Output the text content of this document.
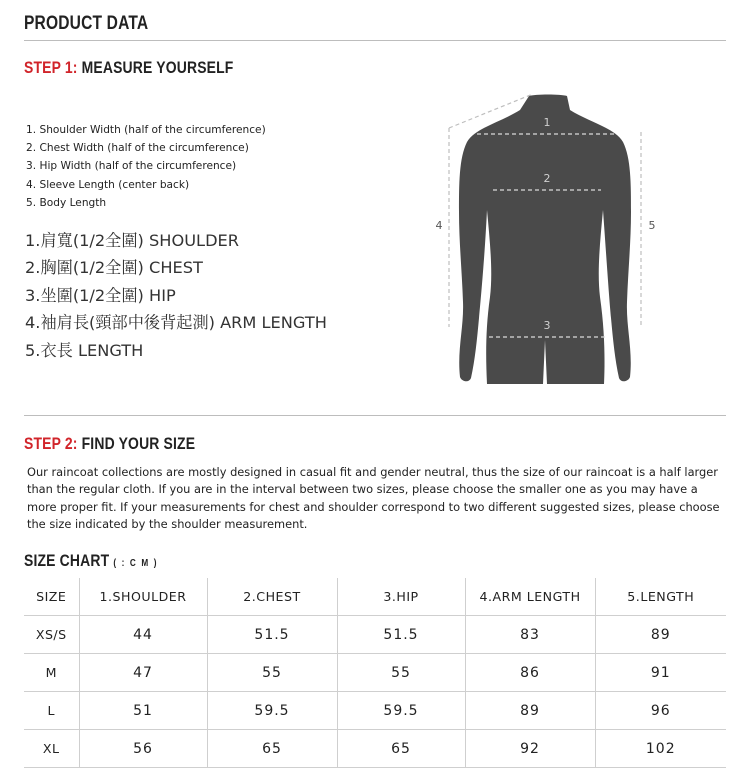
PRODUCT DATA
STEP 1: MEASURE YOURSELF
1. Shoulder Width (half of the circumference)
2. Chest Width (half of the circumference)
3. Hip Width (half of the circumference)
4. Sleeve Length (center back)
5. Body Length
1.肩寬(1/2全圍) SHOULDER
2.胸圍(1/2全圍) CHEST
3.坐圍(1/2全圍) HIP
4.袖肩長(頸部中後背起測) ARM LENGTH
5.衣長 LENGTH
1
2
3
4	5
STEP 2: FIND YOUR SIZE

Our raincoat collections are mostly designed in casual fit and gender neutral, thus the size of our raincoat is a half larger than the regular cloth. If you are in the interval between two sizes, please choose the smaller one as you may have a more proper fit. If your measurements for chest and shoulder correspond to two different suggested sizes, please choose the size indicated by the shoulder measurement.

SIZE CHART ( : C M )
SIZE	1.SHOULDER	2.CHEST	3.HIP	4.ARM LENGTH	5.LENGTH
XS/S	44	51.5	51.5	83	89
M	47	55	55	86	91
L	51	59.5	59.5	89	96
XL	56	65	65	92	102
